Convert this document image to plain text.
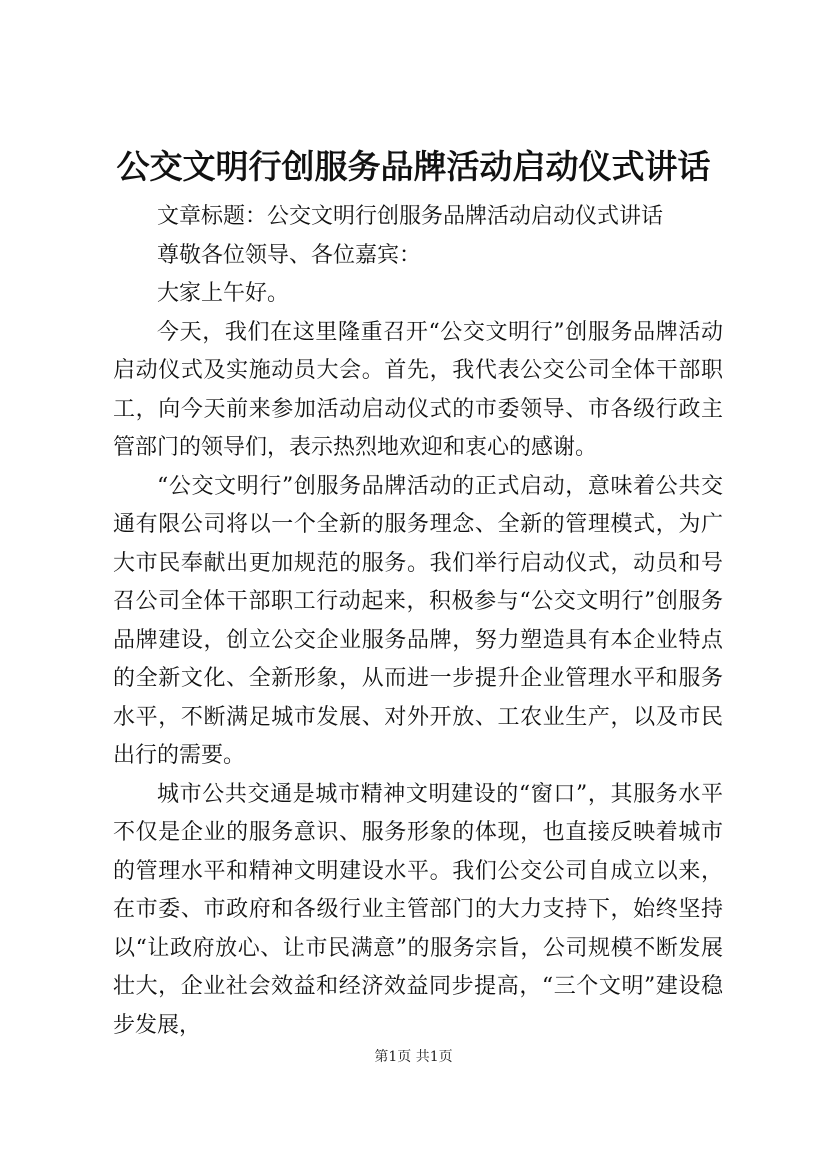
公交文明行创服务品牌活动启动仪式讲话

文章标题：公交文明行创服务品牌活动启动仪式讲话

尊敬各位领导、各位嘉宾：

大家上午好。

今天，我们在这里隆重召开“公交文明行”创服务品牌活动启动仪式及实施动员大会。首先，我代表公交公司全体干部职工，向今天前来参加活动启动仪式的市委领导、市各级行政主管部门的领导们，表示热烈地欢迎和衷心的感谢。

“公交文明行”创服务品牌活动的正式启动，意味着公共交通有限公司将以一个全新的服务理念、全新的管理模式，为广大市民奉献出更加规范的服务。我们举行启动仪式，动员和号召公司全体干部职工行动起来，积极参与“公交文明行”创服务品牌建设，创立公交企业服务品牌，努力塑造具有本企业特点的全新文化、全新形象，从而进一步提升企业管理水平和服务水平，不断满足城市发展、对外开放、工农业生产，以及市民出行的需要。

城市公共交通是城市精神文明建设的“窗口”，其服务水平不仅是企业的服务意识、服务形象的体现，也直接反映着城市的管理水平和精神文明建设水平。我们公交公司自成立以来，在市委、市政府和各级行业主管部门的大力支持下，始终坚持以“让政府放心、让市民满意”的服务宗旨，公司规模不断发展壮大，企业社会效益和经济效益同步提高，“三个文明”建设稳步发展，

第1页 共1页
